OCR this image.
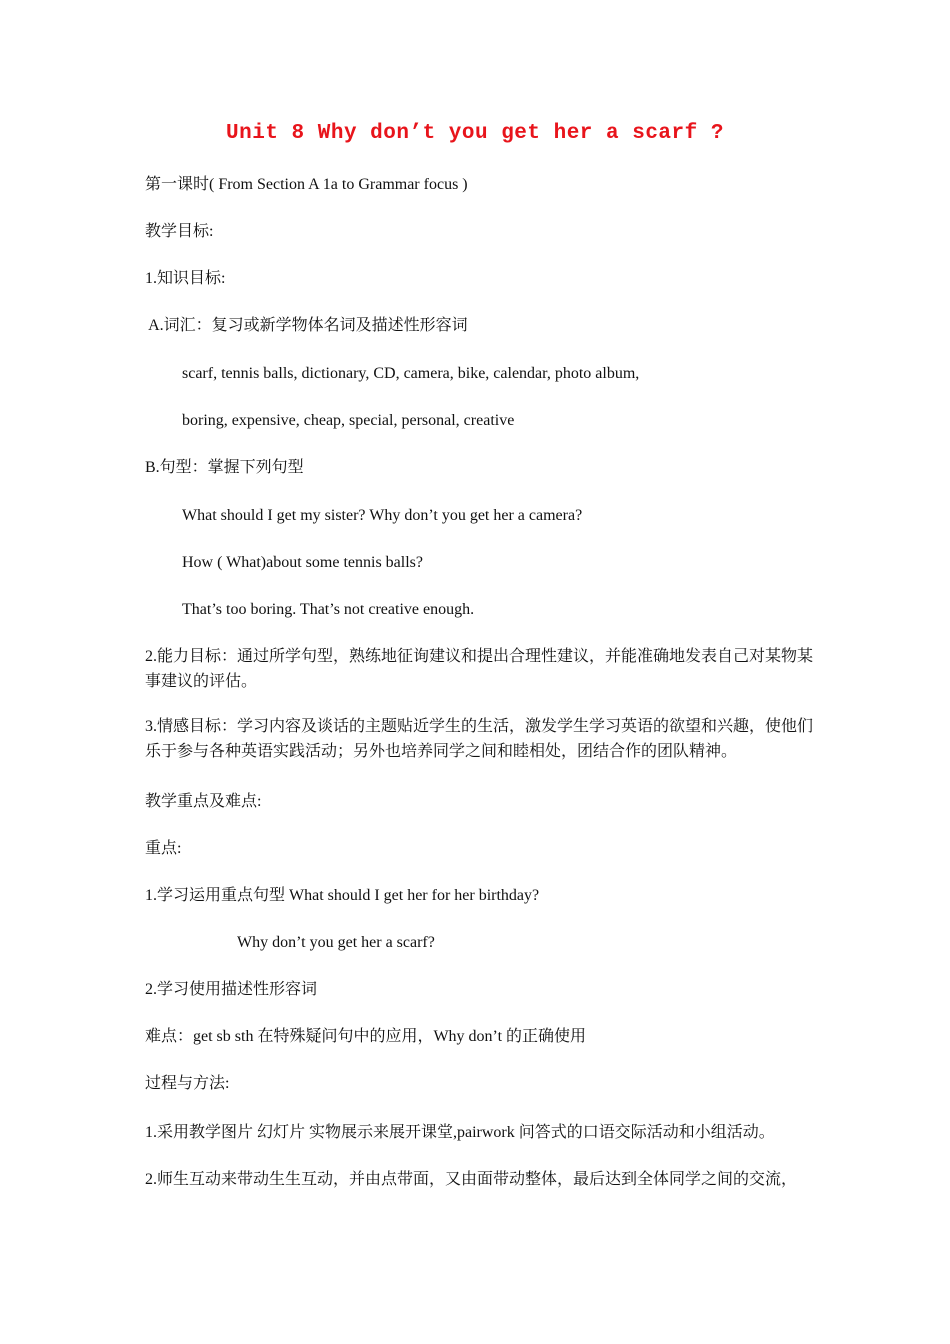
Unit 8 Why don’t you get her a scarf ?
第一课时( From Section A 1a to Grammar focus )
教学目标:
1.知识目标:
A.词汇：复习或新学物体名词及描述性形容词
scarf, tennis balls, dictionary, CD, camera, bike, calendar, photo album,
boring, expensive, cheap, special, personal, creative
B.句型：掌握下列句型
What should I get my sister? Why don’t you get her a camera?
How ( What)about some tennis balls?
That’s too boring. That’s not creative enough.
2.能力目标：通过所学句型，熟练地征询建议和提出合理性建议，并能准确地发表自己对某物某事建议的评估。
3.情感目标：学习内容及谈话的主题贴近学生的生活，激发学生学习英语的欲望和兴趣，使他们乐于参与各种英语实践活动；另外也培养同学之间和睦相处，团结合作的团队精神。
教学重点及难点:
重点:
1.学习运用重点句型 What should I get her for her birthday?
Why don’t you get her a scarf?
2.学习使用描述性形容词
难点：get sb sth 在特殊疑问句中的应用，Why don’t 的正确使用
过程与方法:
1.采用教学图片 幻灯片 实物展示来展开课堂,pairwork 问答式的口语交际活动和小组活动。
2.师生互动来带动生生互动，并由点带面，又由面带动整体，最后达到全体同学之间的交流，
